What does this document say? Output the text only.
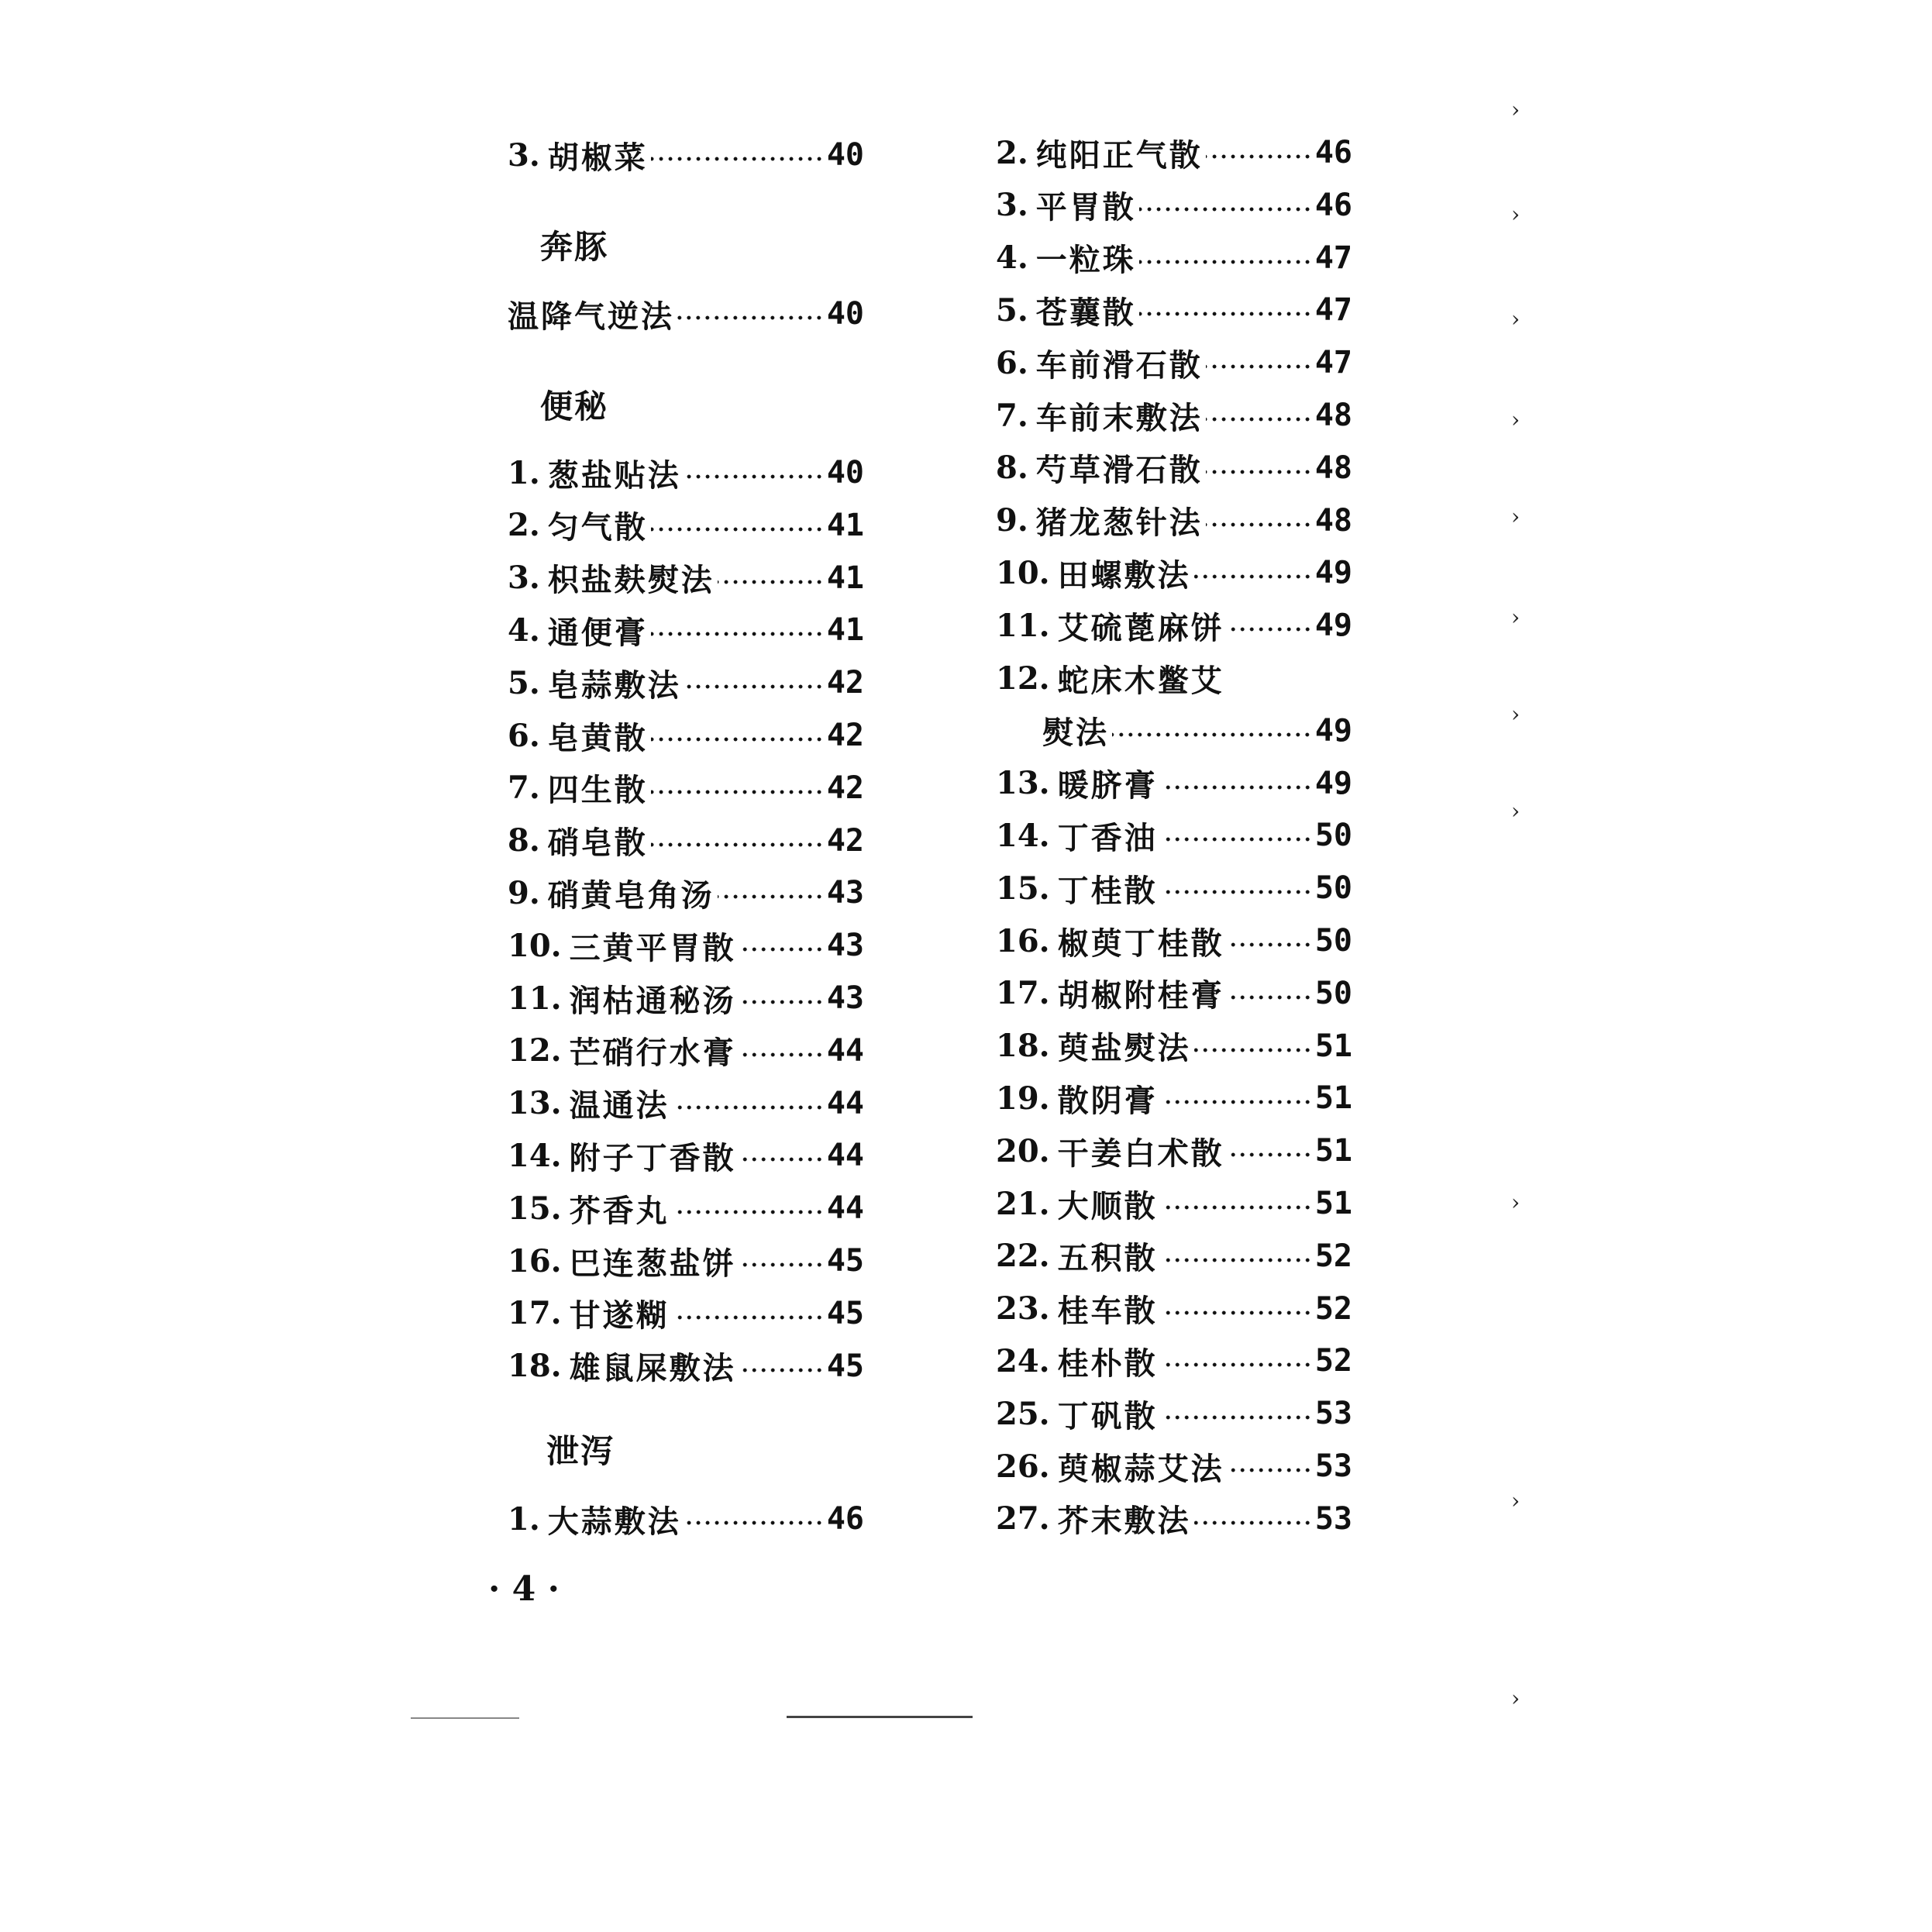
3. 胡椒菜	40
奔豚
温降气逆法	40
便秘
1. 葱盐贴法	40
2. 匀气散	41
3. 枳盐麸熨法	41
4. 通便膏	41
5. 皂蒜敷法	42
6. 皂黄散	42
7. 四生散	42
8. 硝皂散	42
9. 硝黄皂角汤	43
10. 三黄平胃散	43
11. 润枯通秘汤	43
12. 芒硝行水膏	44
13. 温通法	44
14. 附子丁香散	44
15. 芥香丸	44
16. 巴连葱盐饼	45
17. 甘遂糊	45
18. 雄鼠屎敷法	45
泄泻
1. 大蒜敷法	46
2. 纯阳正气散	46
3. 平胃散	46
4. 一粒珠	47
5. 苍蘘散	47
6. 车前滑石散	47
7. 车前末敷法	48
8. 芍草滑石散	48
9. 猪龙葱针法	48
10. 田螺敷法	49
11. 艾硫蓖麻饼	49
12. 蛇床木鳖艾
熨法	49
13. 暖脐膏	49
14. 丁香油	50
15. 丁桂散	50
16. 椒萸丁桂散	50
17. 胡椒附桂膏	50
18. 萸盐熨法	51
19. 散阴膏	51
20. 干姜白术散	51
21. 大顺散	51
22. 五积散	52
23. 桂车散	52
24. 桂朴散	52
25. 丁矾散	53
26. 萸椒蒜艾法	53
27. 芥末敷法	53
· 4 ·
›
›
›
›
›
›
›
›
›
›
›
